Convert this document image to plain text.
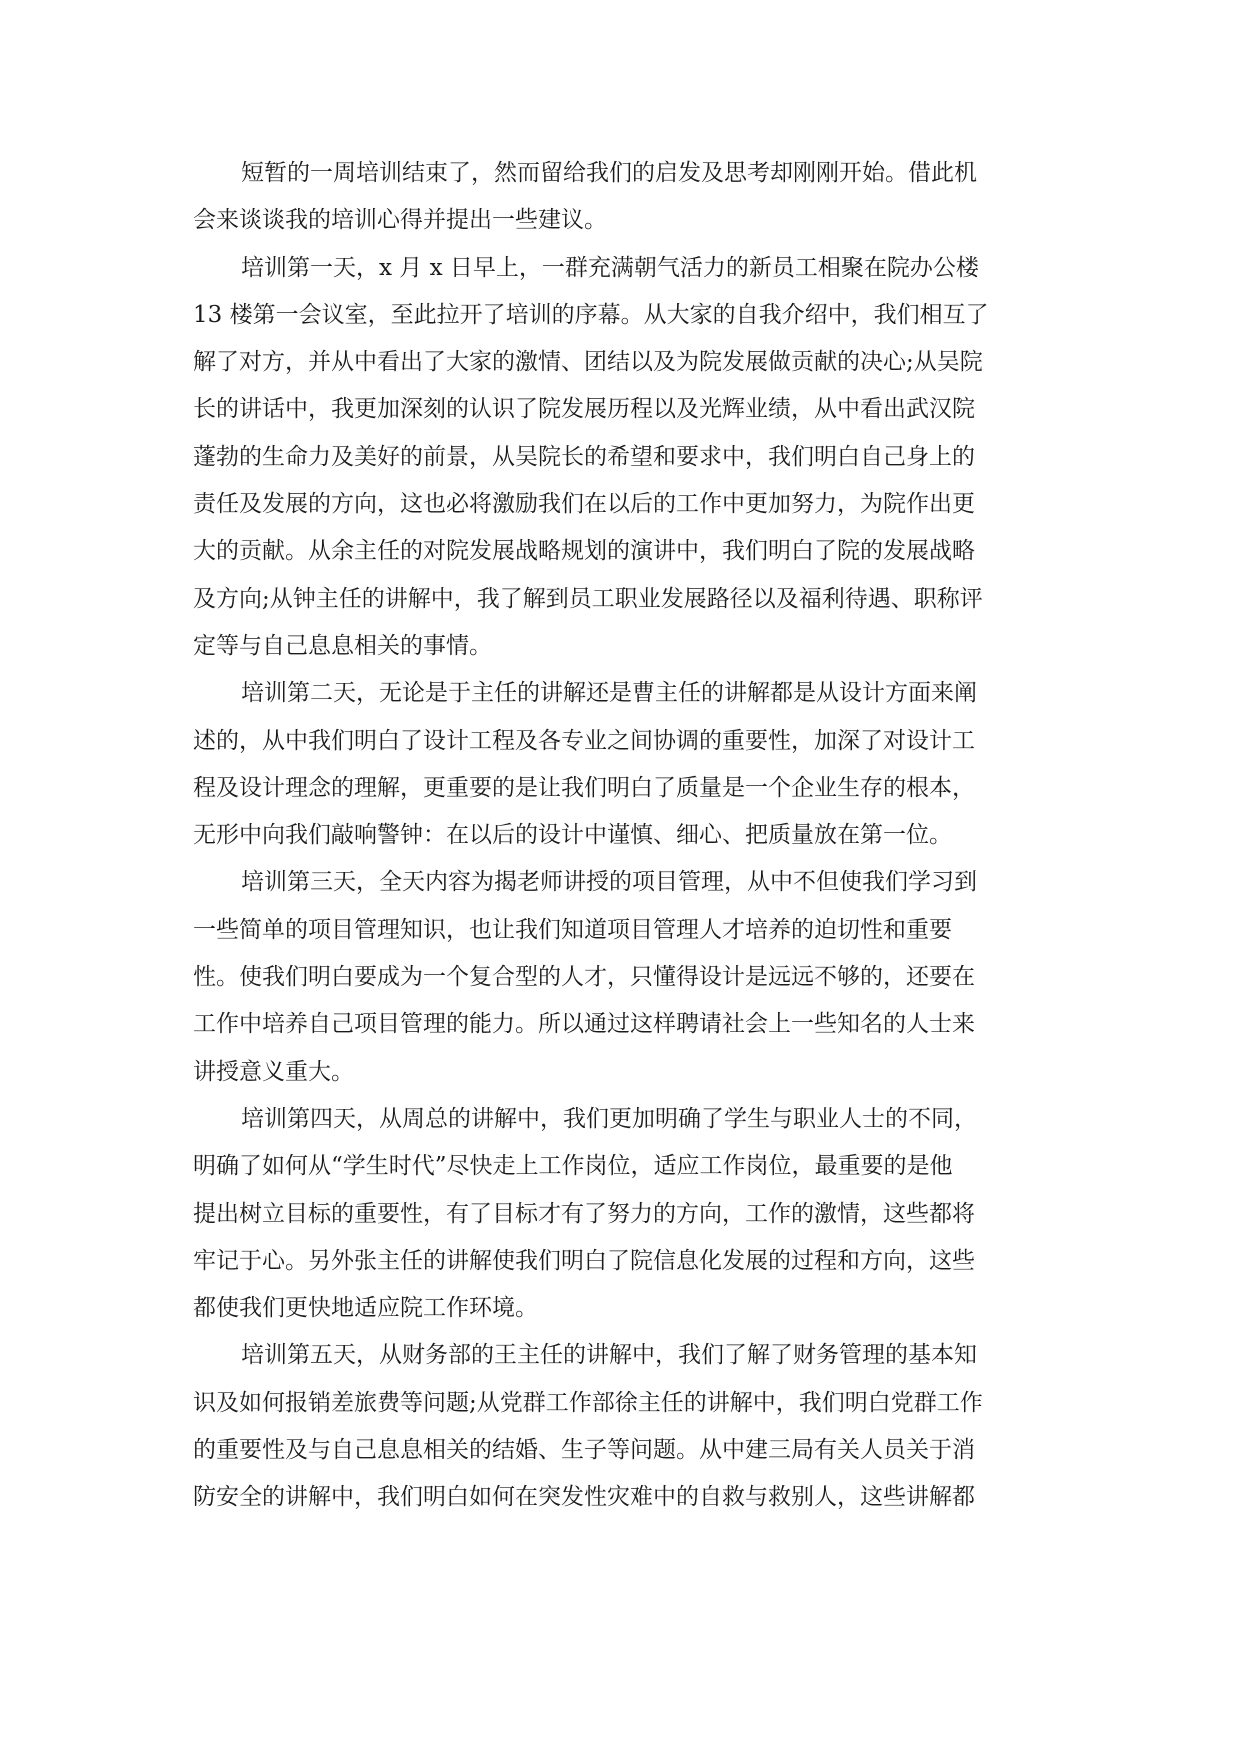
短暂的一周培训结束了，然而留给我们的启发及思考却刚刚开始。借此机
会来谈谈我的培训心得并提出一些建议。
培训第一天，x 月 x 日早上，一群充满朝气活力的新员工相聚在院办公楼
13 楼第一会议室，至此拉开了培训的序幕。从大家的自我介绍中，我们相互了
解了对方，并从中看出了大家的激情、团结以及为院发展做贡献的决心;从吴院
长的讲话中，我更加深刻的认识了院发展历程以及光辉业绩，从中看出武汉院
蓬勃的生命力及美好的前景，从吴院长的希望和要求中，我们明白自己身上的
责任及发展的方向，这也必将激励我们在以后的工作中更加努力，为院作出更
大的贡献。从余主任的对院发展战略规划的演讲中，我们明白了院的发展战略
及方向;从钟主任的讲解中，我了解到员工职业发展路径以及福利待遇、职称评
定等与自己息息相关的事情。
培训第二天，无论是于主任的讲解还是曹主任的讲解都是从设计方面来阐
述的，从中我们明白了设计工程及各专业之间协调的重要性，加深了对设计工
程及设计理念的理解，更重要的是让我们明白了质量是一个企业生存的根本，
无形中向我们敲响警钟：在以后的设计中谨慎、细心、把质量放在第一位。
培训第三天，全天内容为揭老师讲授的项目管理，从中不但使我们学习到
一些简单的项目管理知识，也让我们知道项目管理人才培养的迫切性和重要
性。使我们明白要成为一个复合型的人才，只懂得设计是远远不够的，还要在
工作中培养自己项目管理的能力。所以通过这样聘请社会上一些知名的人士来
讲授意义重大。
培训第四天，从周总的讲解中，我们更加明确了学生与职业人士的不同，
明确了如何从“学生时代”尽快走上工作岗位，适应工作岗位，最重要的是他
提出树立目标的重要性，有了目标才有了努力的方向，工作的激情，这些都将
牢记于心。另外张主任的讲解使我们明白了院信息化发展的过程和方向，这些
都使我们更快地适应院工作环境。
培训第五天，从财务部的王主任的讲解中，我们了解了财务管理的基本知
识及如何报销差旅费等问题;从党群工作部徐主任的讲解中，我们明白党群工作
的重要性及与自己息息相关的结婚、生子等问题。从中建三局有关人员关于消
防安全的讲解中，我们明白如何在突发性灾难中的自救与救别人，这些讲解都
